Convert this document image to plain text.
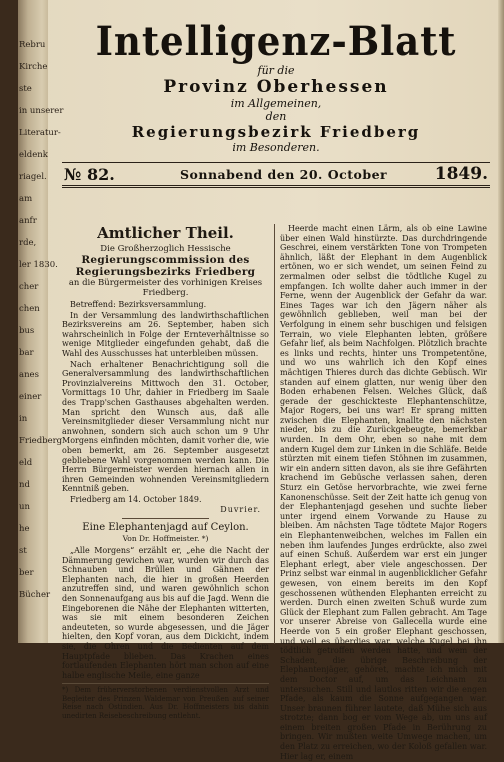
Rebru
Kirche
ste
in unserer
Literatur-
eldenk
riagel.
am
anfr
rde,
ler 1830.
cher
chen
bus
bar
anes
einer
in
Friedberg
eld
nd
un
he
st
ber
Bücher
Intelligenz-Blatt
für die
Provinz Oberhessen
im Allgemeinen,
den
Regierungsbezirk Friedberg
im Besonderen.
№ 82.	Sonnabend den 20. October	1849.
Amtlicher Theil.
Die Großherzoglich Hessische
Regierungscommission des Regierungsbezirks Friedberg
an die Bürgermeister des vorhinigen Kreises Friedberg.

Betreffend: Bezirksversammlung.

In der Versammlung des landwirthschaftlichen Bezirksvereins am 26. September, haben sich wahrscheinlich in Folge der Ernteverhältnisse so wenige Mitglieder eingefunden gehabt, daß die Wahl des Ausschusses hat unterbleiben müssen.

Nach erhaltener Benachrichtigung soll die Generalversammlung des landwirthschaftlichen Provinzialvereins Mittwoch den 31. October, Vormittags 10 Uhr, dahier in Friedberg im Saale des Trapp'schen Gasthauses abgehalten werden. Man spricht den Wunsch aus, daß alle Vereinsmitglieder dieser Versammlung nicht nur anwohnen, sondern sich auch schon um 9 Uhr Morgens einfinden möchten, damit vorher die, wie oben bemerkt, am 26. September ausgesetzt gebliebene Wahl vorgenommen werden kann. Die Herrn Bürgermeister werden hiernach allen in ihren Gemeinden wohnenden Vereinsmitgliedern Kenntniß geben.

Friedberg am 14. October 1849.

Duvrier.
Eine Elephantenjagd auf Ceylon.
Von Dr. Hoffmeister. *)

„Alle Morgens“ erzählt er, „ehe die Nacht der Dämmerung gewichen war, wurden wir durch das Schnauben und Brüllen und Gähnen der Elephanten nach, die hier in großen Heerden anzutreffen sind, und waren gewöhnlich schon den Sonnenaufgang aus bis auf die Jagd. Wenn die Eingeborenen die Nähe der Elephanten witterten, was sie mit einem besonderen Zeichen andeuteten, so wurde abgesessen, und die Jäger hielten, den Kopf voran, aus dem Dickicht, indem sie, die Ohren und die Bedienten auf dem Hauptpfade blieben. Das Krachen eines fortlaufenden Elephanten hört man schon auf eine halbe englische Meile, eine ganze

*) Dem früherverstorbenen verdienstvollen Arzt und Begleiter des Prinzen Waldemar von Preußen auf seiner Reise nach Ostindien. Aus Dr. Hoffmeisters bis dahin unedirten Reisebeschreibung entlehnt.

Heerde macht einen Lärm, als ob eine Lawine über einen Wald hinstürzte. Das durchdringende Geschrei, einem verstärkten Tone von Trompeten ähnlich, läßt der Elephant in dem Augenblick ertönen, wo er sich wendet, um seinen Feind zu zermalmen oder selbst die tödtliche Kugel zu empfangen. Ich wollte daher auch immer in der Ferne, wenn der Augenblick der Gefahr da war. Eines Tages war ich den Jägern näher als gewöhnlich geblieben, weil man bei der Verfolgung in einem sehr buschigen und felsigen Terrain, wo viele Elephanten lebten, größere Gefahr lief, als beim Nachfolgen. Plötzlich brachte es links und rechts, hinter uns Trompetentöne, und wo uns wahrlich ich den Kopf eines mächtigen Thieres durch das dichte Gebüsch. Wir standen auf einem glatten, nur wenig über den Boden erhabenen Felsen. Welches Glück, daß gerade der geschickteste Elephantenschütze, Major Rogers, bei uns war! Er sprang mitten zwischen die Elephanten, knallte den nächsten nieder, bis zu die Zurückgebeugte, bemerkbar wurden. In dem Ohr, eben so nahe mit dem andern Kugel dem zur Linken in die Schläfe. Beide stürzten mit einem tiefen Stöhnen im zusammen, wir ein andern sitten davon, als sie ihre Gefährten krachend im Gebüsche verlassen sahen, deren Sturz ein Getöse hervorbrachte, wie zwei ferne Kanonenschüsse. Seit der Zeit hatte ich genug von der Elephantenjagd gesehen und suchte lieber unter irgend einem Vorwande zu Hause zu bleiben. Am nächsten Tage tödtete Major Rogers ein Elephantenweibchen, welches im Fallen ein neben ihm laufendes Junges erdrückte, also zwei auf einen Schuß. Außerdem war erst ein junger Elephant erlegt, aber viele angeschossen. Der Prinz selbst war einmal in augenblicklicher Gefahr gewesen, von einem bereits im den Kopf geschossenen wüthenden Elephanten erreicht zu werden. Durch einen zweiten Schuß wurde zum Glück der Elephant zum Fallen gebracht. Am Tage vor unserer Abreise von Gallecella wurde eine Heerde von 5 ein großer Elephant geschossen, und weil es überdies war, welche Kugel bei ihn tödtlich getroffen werden hatte, und wem der Schaden, die übrige Beschreibung der Elephantenjäger, gehöret, machte ich mich mit dem Doctor auf, um das Leichnam zu untersuchen. Still und lautlos ritten wir die engen Pfade, als kaum die Sonne aufgegangen war. Unser braunen führer lautete, daß Mühe sich aus strotzte; dann bog er vom Wege ab, um uns auf einem breiten großen Pfade in Berührung zu bringen. Wir mußten weite Umwege machen, um den Platz zu erreichen, wo der Koloß gefallen war. Hier lag er, einem
